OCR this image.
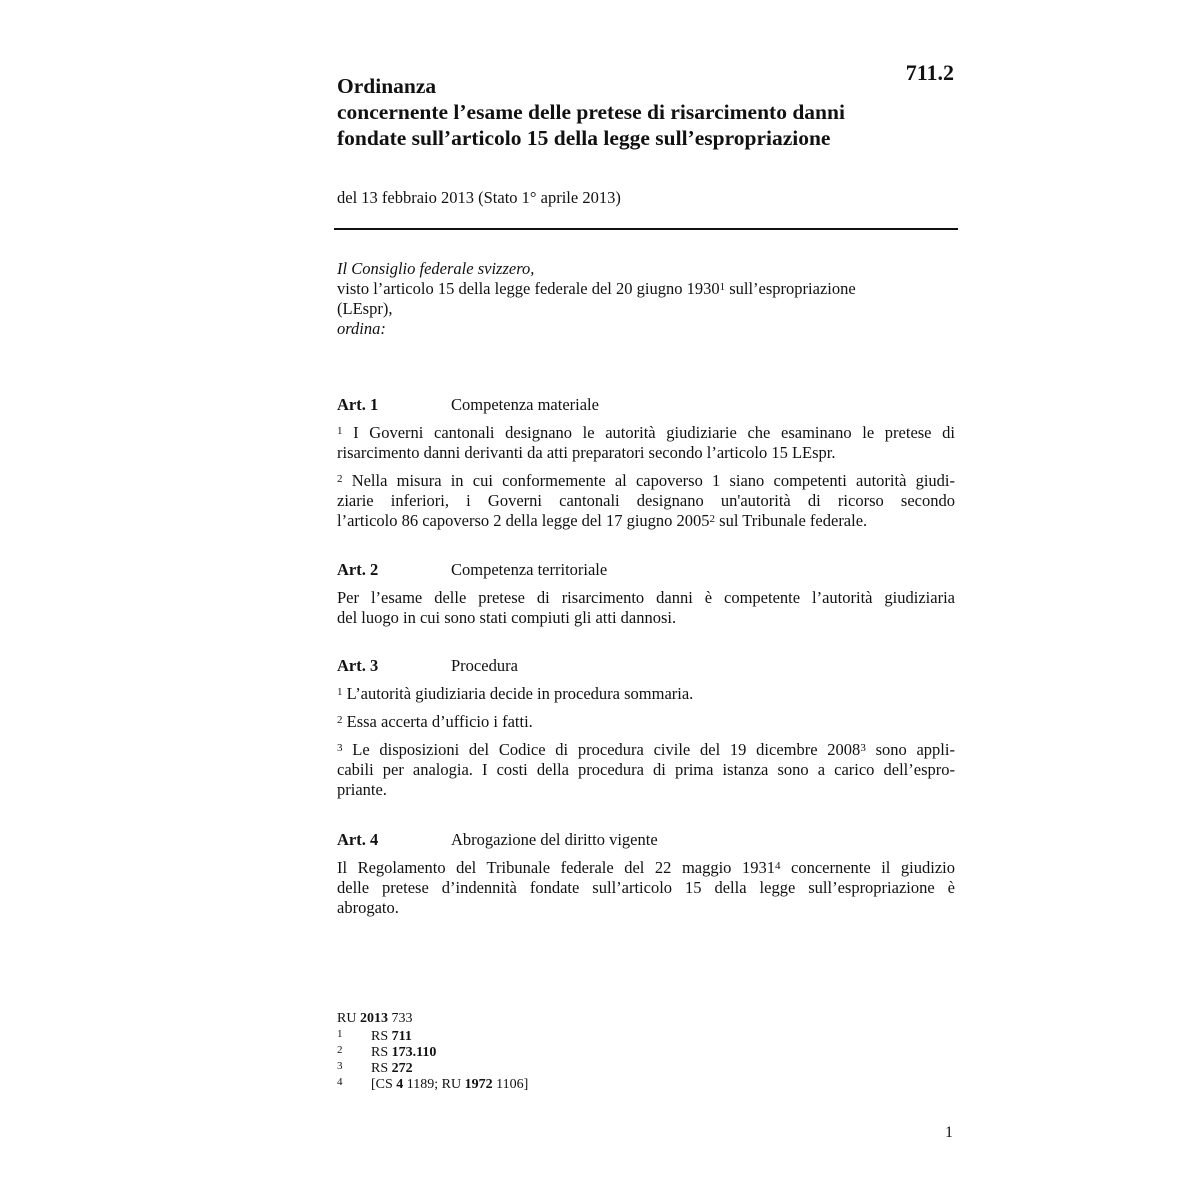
711.2
Ordinanza
concernente l’esame delle pretese di risarcimento danni
fondate sull’articolo 15 della legge sull’espropriazione
del 13 febbraio 2013 (Stato 1° aprile 2013)

Il Consiglio federale svizzero,

visto l’articolo 15 della legge federale del 20 giugno 1930$^1$ sull’espropriazione
(LEspr),

ordina:

Art. 1	Competenza materiale
$^1$ I Governi cantonali designano le autorità giudiziarie che esaminano le pretese di
risarcimento danni derivanti da atti preparatori secondo l’articolo 15 LEspr.
$^2$ Nella misura in cui conformemente al capoverso 1 siano competenti autorità giudi-
ziarie inferiori, i Governi cantonali designano un'autorità di ricorso secondo
l’articolo 86 capoverso 2 della legge del 17 giugno 2005$^2$ sul Tribunale federale.
Art. 2	Competenza territoriale
Per l’esame delle pretese di risarcimento danni è competente l’autorità giudiziaria
del luogo in cui sono stati compiuti gli atti dannosi.
Art. 3	Procedura
$^1$ L’autorità giudiziaria decide in procedura sommaria.
$^2$ Essa accerta d’ufficio i fatti.
$^3$ Le disposizioni del Codice di procedura civile del 19 dicembre 2008$^3$ sono appli-
cabili per analogia. I costi della procedura di prima istanza sono a carico dell’espro-
priante.
Art. 4	Abrogazione del diritto vigente
Il Regolamento del Tribunale federale del 22 maggio 1931$^4$ concernente il giudizio
delle pretese d’indennità fondate sull’articolo 15 della legge sull’espropriazione è
abrogato.
RU 2013 733
1 RS 711
2 RS 173.110
3 RS 272
4 [CS 4 1189; RU 1972 1106]
1
